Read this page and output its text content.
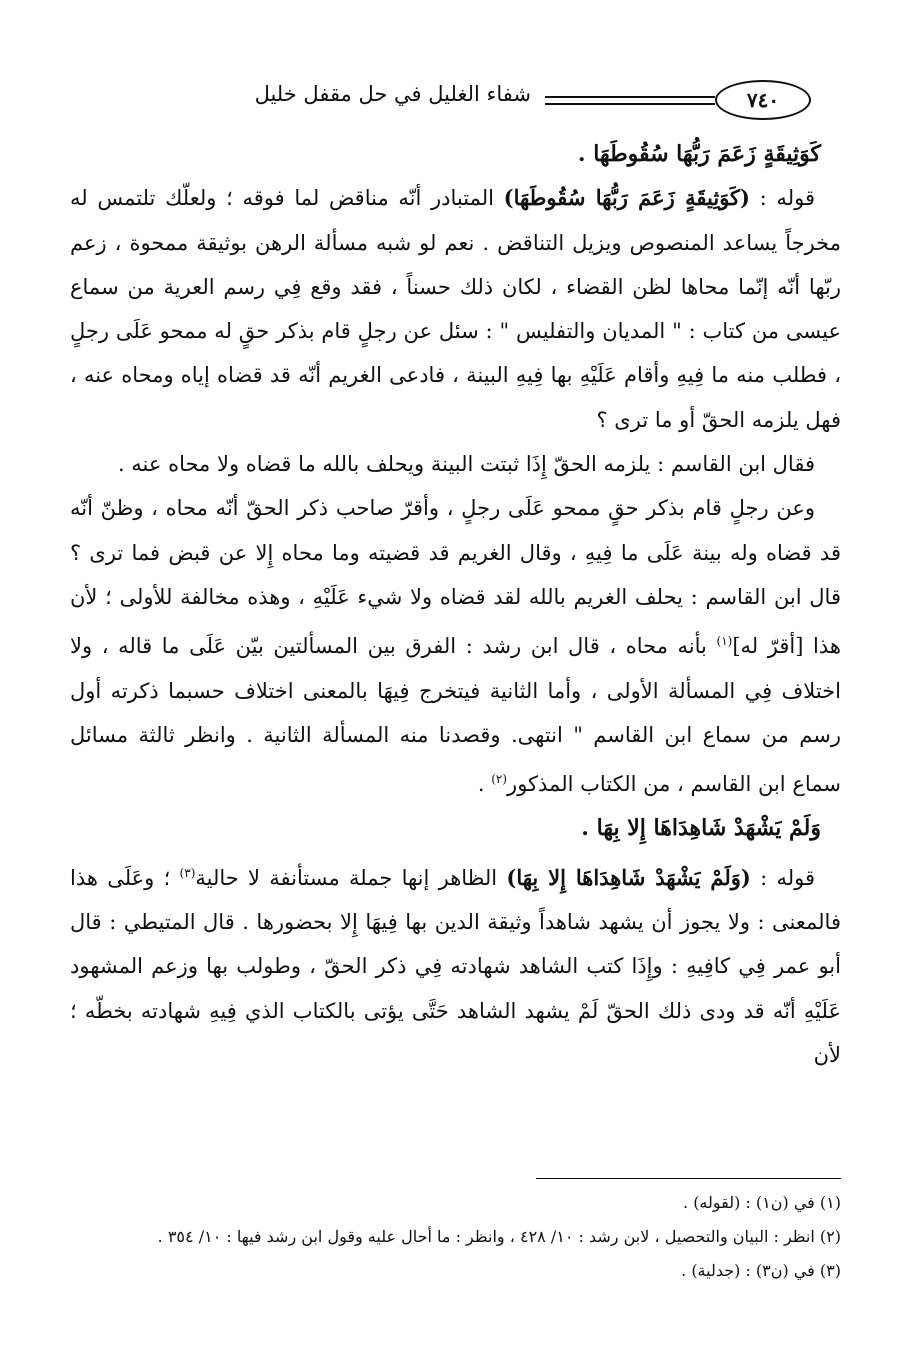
٧٤٠
شفاء الغليل في حل مقفل خليل

كَوَثِيقَةٍ زَعَمَ رَبُّهَا سُقُوطَهَا .

قوله : (كَوَثِيقَةٍ زَعَمَ رَبُّهَا سُقُوطَهَا) المتبادر أنّه مناقض لما فوقه ؛ ولعلّك تلتمس له مخرجاً يساعد المنصوص ويزيل التناقض . نعم لو شبه مسألة الرهن بوثيقة ممحوة ، زعم ربّها أنّه إنّما محاها لظن القضاء ، لكان ذلك حسناً ، فقد وقع فِي رسم العرية من سماع عيسى من كتاب : " المديان والتفليس " : سئل عن رجلٍ قام بذكر حقٍ له ممحو عَلَى رجلٍ ، فطلب منه ما فِيهِ وأقام عَلَيْهِ بها فِيهِ البينة ، فادعى الغريم أنّه قد قضاه إياه ومحاه عنه ، فهل يلزمه الحقّ أو ما ترى ؟

فقال ابن القاسم : يلزمه الحقّ إِذَا ثبتت البينة ويحلف بالله ما قضاه ولا محاه عنه .

وعن رجلٍ قام بذكر حقٍ ممحو عَلَى رجلٍ ، وأقرّ صاحب ذكر الحقّ أنّه محاه ، وظنّ أنّه قد قضاه وله بينة عَلَى ما فِيهِ ، وقال الغريم قد قضيته وما محاه إِلا عن قبض فما ترى ؟ قال ابن القاسم : يحلف الغريم بالله لقد قضاه ولا شيء عَلَيْهِ ، وهذه مخالفة للأولى ؛ لأن هذا [أقرّ له]$^{(١)}$ بأنه محاه ، قال ابن رشد : الفرق بين المسألتين بيّن عَلَى ما قاله ، ولا اختلاف فِي المسألة الأولى ، وأما الثانية فيتخرج فِيهَا بالمعنى اختلاف حسبما ذكرته أول رسم من سماع ابن القاسم " انتهى. وقصدنا منه المسألة الثانية . وانظر ثالثة مسائل سماع ابن القاسم ، من الكتاب المذكور$^{(٢)}$ .

وَلَمْ يَشْهَدْ شَاهِدَاهَا إِلا بِهَا .

قوله : (وَلَمْ يَشْهَدْ شَاهِدَاهَا إِلا بِهَا) الظاهر إنها جملة مستأنفة لا حالية$^{(٣)}$ ؛ وعَلَى هذا فالمعنى : ولا يجوز أن يشهد شاهداً وثيقة الدين بها فِيهَا إِلا بحضورها . قال المتيطي : قال أبو عمر فِي كافِيهِ : وإِذَا كتب الشاهد شهادته فِي ذكر الحقّ ، وطولب بها وزعم المشهود عَلَيْهِ أنّه قد ودى ذلك الحقّ لَمْ يشهد الشاهد حَتَّى يؤتى بالكتاب الذي فِيهِ شهادته بخطّه ؛ لأن

(١) في (ن١) : (لقوله) .

(٢) انظر : البيان والتحصيل ، لابن رشد : ١٠/ ٤٢٨ ، وانظر : ما أحال عليه وقول ابن رشد فيها : ١٠/ ٣٥٤ .

(٣) في (ن٣) : (جدلية) .
